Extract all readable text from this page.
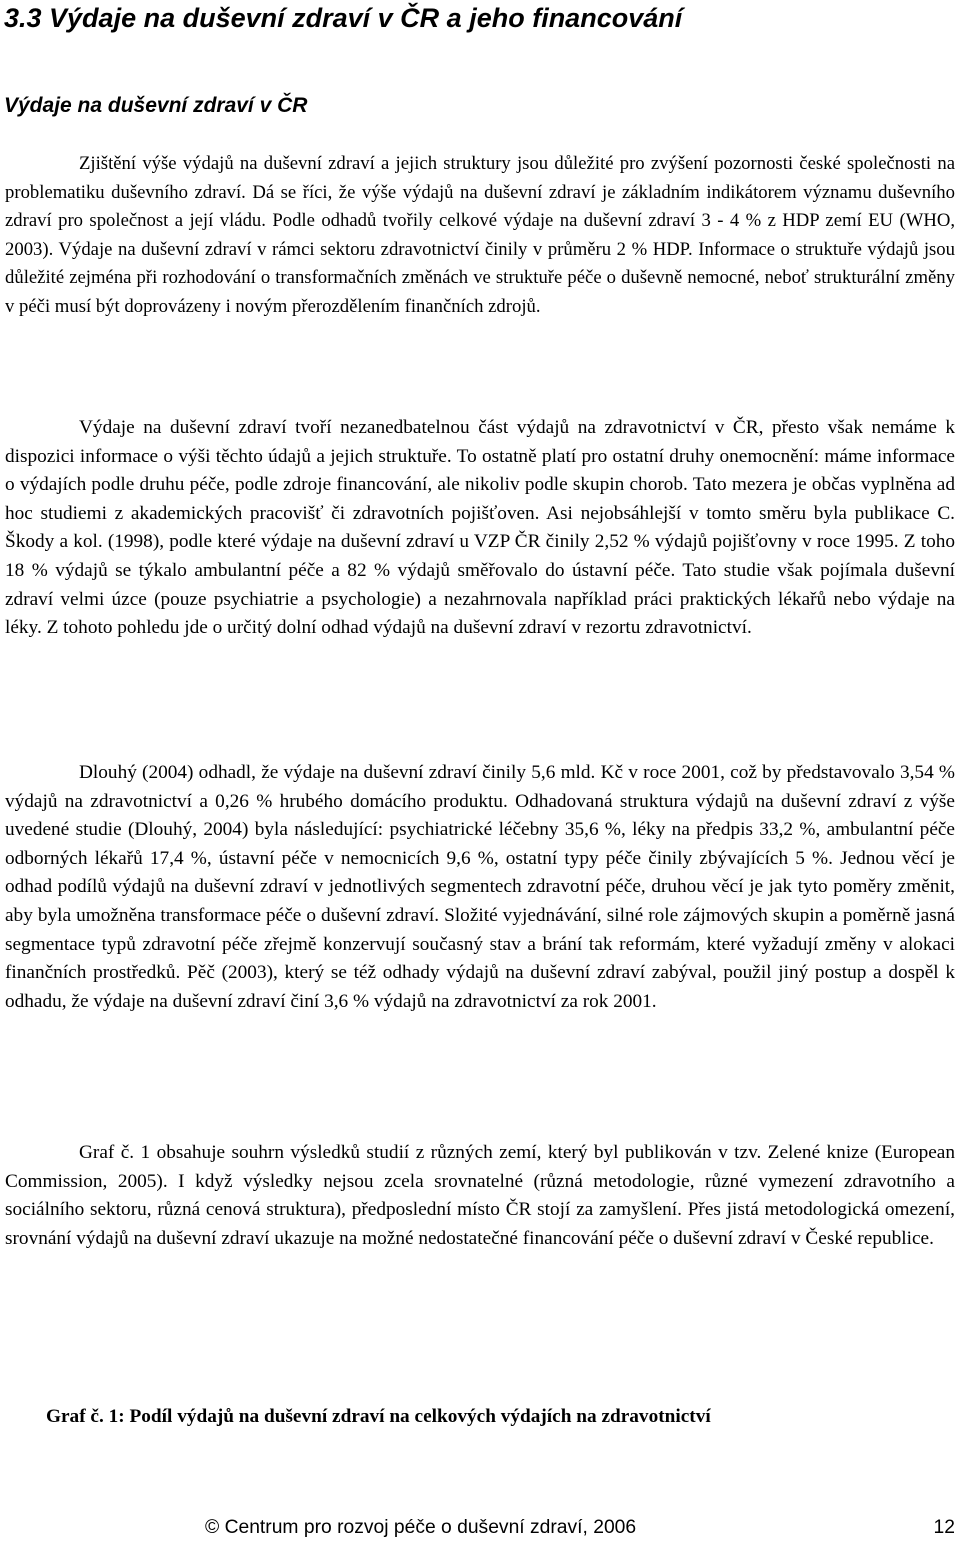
3.3 Výdaje na duševní zdraví v ČR a jeho financování
Výdaje na duševní zdraví v ČR

Zjištění výše výdajů na duševní zdraví a jejich struktury jsou důležité pro zvýšení pozornosti české společnosti na problematiku duševního zdraví. Dá se říci, že výše výdajů na duševní zdraví je základním indikátorem významu duševního zdraví pro společnost a její vládu. Podle odhadů tvořily celkové výdaje na duševní zdraví 3 - 4 % z HDP zemí EU (WHO, 2003). Výdaje na duševní zdraví v rámci sektoru zdravotnictví činily v průměru 2 % HDP. Informace o struktuře výdajů jsou důležité zejména při rozhodování o transformačních změnách ve struktuře péče o duševně nemocné, neboť strukturální změny v péči musí být doprovázeny i novým přerozdělením finančních zdrojů.

Výdaje na duševní zdraví tvoří nezanedbatelnou část výdajů na zdravotnictví v ČR, přesto však nemáme k dispozici informace o výši těchto údajů a jejich struktuře. To ostatně platí pro ostatní druhy onemocnění: máme informace o výdajích podle druhu péče, podle zdroje financování, ale nikoliv podle skupin chorob. Tato mezera je občas vyplněna ad hoc studiemi z akademických pracovišť či zdravotních pojišťoven. Asi nejobsáhlejší v tomto směru byla publikace C. Škody a kol. (1998), podle které výdaje na duševní zdraví u VZP ČR činily 2,52 % výdajů pojišťovny v roce 1995. Z toho 18 % výdajů se týkalo ambulantní péče a 82 % výdajů směřovalo do ústavní péče. Tato studie však pojímala duševní zdraví velmi úzce (pouze psychiatrie a psychologie) a nezahrnovala například práci praktických lékařů nebo výdaje na léky. Z tohoto pohledu jde o určitý dolní odhad výdajů na duševní zdraví v rezortu zdravotnictví.

Dlouhý (2004) odhadl, že výdaje na duševní zdraví činily 5,6 mld. Kč v roce 2001, což by představovalo 3,54 % výdajů na zdravotnictví a 0,26 % hrubého domácího produktu. Odhadovaná struktura výdajů na duševní zdraví z výše uvedené studie (Dlouhý, 2004) byla následující: psychiatrické léčebny 35,6 %, léky na předpis 33,2 %, ambulantní péče odborných lékařů 17,4 %, ústavní péče v nemocnicích 9,6 %, ostatní typy péče činily zbývajících 5 %. Jednou věcí je odhad podílů výdajů na duševní zdraví v jednotlivých segmentech zdravotní péče, druhou věcí je jak tyto poměry změnit, aby byla umožněna transformace péče o duševní zdraví. Složité vyjednávání, silné role zájmových skupin a poměrně jasná segmentace typů zdravotní péče zřejmě konzervují současný stav a brání tak reformám, které vyžadují změny v alokaci finančních prostředků. Pěč (2003), který se též odhady výdajů na duševní zdraví zabýval, použil jiný postup a dospěl k odhadu, že výdaje na duševní zdraví činí 3,6 % výdajů na zdravotnictví za rok 2001.

Graf č. 1 obsahuje souhrn výsledků studií z různých zemí, který byl publikován v tzv. Zelené knize (European Commission, 2005). I když výsledky nejsou zcela srovnatelné (různá metodologie, různé vymezení zdravotního a sociálního sektoru, různá cenová struktura), předposlední místo ČR stojí za zamyšlení. Přes jistá metodologická omezení, srovnání výdajů na duševní zdraví ukazuje na možné nedostatečné financování péče o duševní zdraví v České republice.

Graf č. 1: Podíl výdajů na duševní zdraví na celkových výdajích na zdravotnictví

© Centrum pro rozvoj péče o duševní zdraví, 2006	12
